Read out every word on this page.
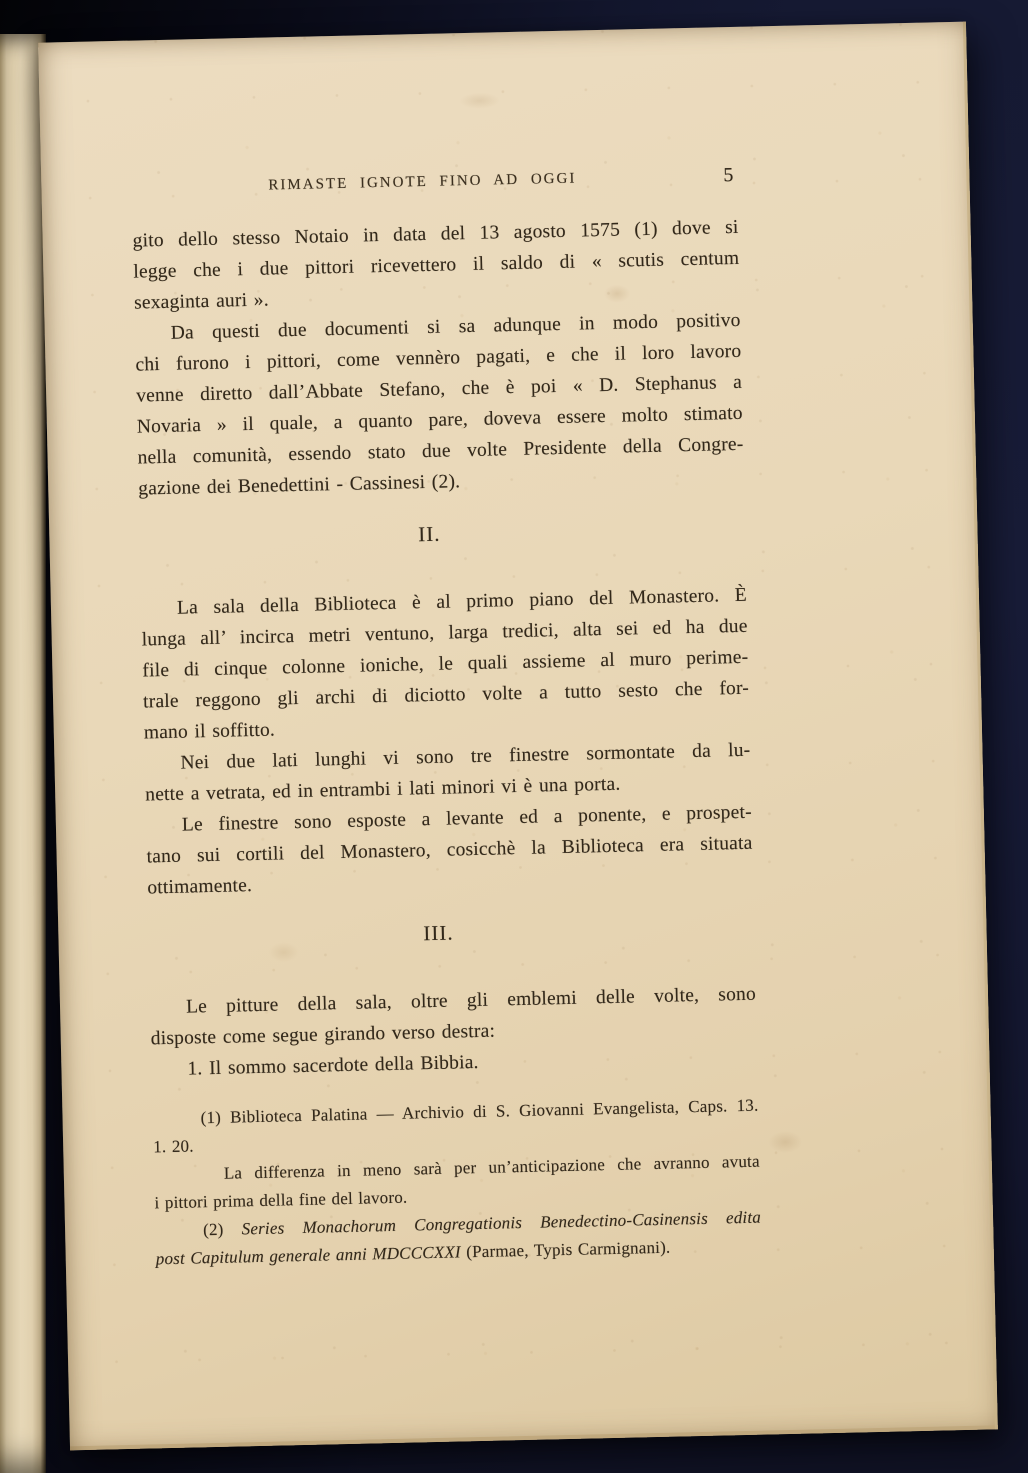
RIMASTE IGNOTE FINO AD OGGI	5
gito dello stesso Notaio in data del 13 agosto 1575 (1) dove si
legge che i due pittori ricevettero il saldo di « scutis centum
sexaginta auri ».
Da questi due documenti si sa adunque in modo positivo
chi furono i pittori, come vennèro pagati, e che il loro lavoro
venne diretto dall’Abbate Stefano, che è poi « D. Stephanus a
Novaria » il quale, a quanto pare, doveva essere molto stimato
nella comunità, essendo stato due volte Presidente della Congre-
gazione dei Benedettini - Cassinesi (2).
II.
La sala della Biblioteca è al primo piano del Monastero. È
lunga all’ incirca metri ventuno, larga tredici, alta sei ed ha due
file di cinque colonne ioniche, le quali assieme al muro perime-
trale reggono gli archi di diciotto volte a tutto sesto che for-
mano il soffitto.
Nei due lati lunghi vi sono tre finestre sormontate da lu-
nette a vetrata, ed in entrambi i lati minori vi è una porta.
Le finestre sono esposte a levante ed a ponente, e prospet-
tano sui cortili del Monastero, cosicchè la Biblioteca era situata
ottimamente.
III.
Le pitture della sala, oltre gli emblemi delle volte, sono
disposte come segue girando verso destra:
1. Il sommo sacerdote della Bibbia.
(1) Biblioteca Palatina — Archivio di S. Giovanni Evangelista, Caps. 13.
1. 20.
La differenza in meno sarà per un’anticipazione che avranno avuta
i pittori prima della fine del lavoro.
(2) Series Monachorum Congregationis Benedectino-Casinensis edita
post Capitulum generale anni MDCCCXXI (Parmae, Typis Carmignani).
